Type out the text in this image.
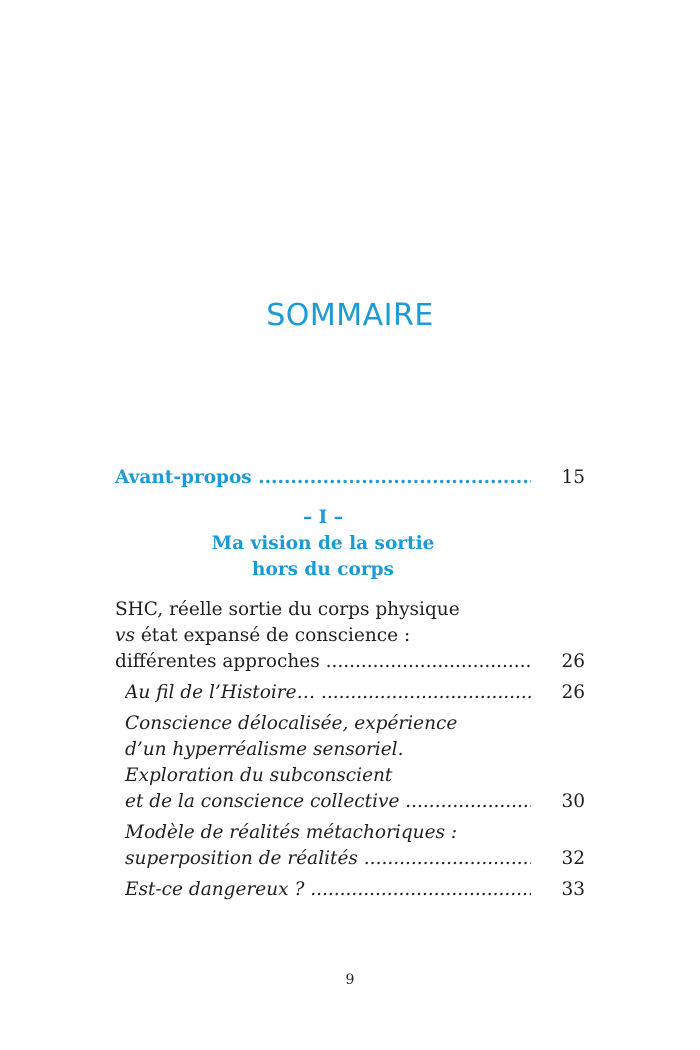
SOMMAIRE
Avant-propos .....	15
– I –
Ma vision de la sortie
hors du corps
SHC, réelle sortie du corps physique
vs état expansé de conscience :
différentes approches .....	26
Au fil de l’Histoire… .....	26
Conscience délocalisée, expérience
d’un hyperréalisme sensoriel.
Exploration du subconscient
et de la conscience collective .....	30
Modèle de réalités métachoriques :
superposition de réalités .....	32
Est-ce dangereux ? .....	33

9
